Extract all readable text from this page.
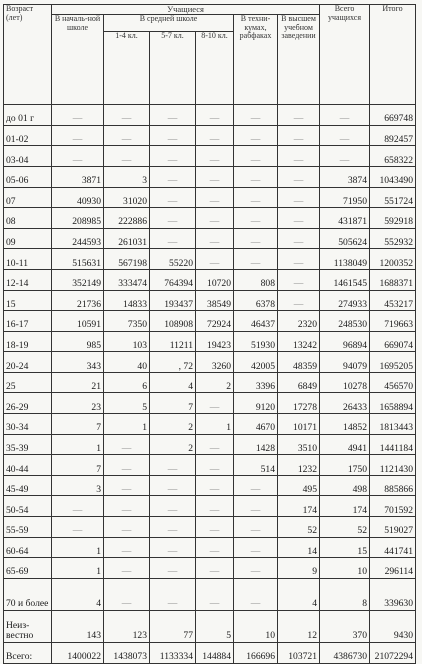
Возраст (лет)	Учащиеся						Всего учащихся	Итого
	В началь-ной школе	В средней школе			В техни-кумах, рабфаках	В высшем учебном заведении		
		1-4 кл.	5-7 кл.	8-10 кл.				
до 01 г	—	—	—	—	—	—	—	669748
01-02	—	—	—	—	—	—	—	892457
03-04	—	—	—	—	—	—	—	658322
05-06	3871	3	—	—	—	—	3874	1043490
07	40930	31020	—	—	—	—	71950	551724
08	208985	222886	—	—	—	—	431871	592918
09	244593	261031	—	—	—	—	505624	552932
10-11	515631	567198	55220	—	—	—	1138049	1200352
12-14	352149	333474	764394	10720	808	—	1461545	1688371
15	21736	14833	193437	38549	6378	—	274933	453217
16-17	10591	7350	108908	72924	46437	2320	248530	719663
18-19	985	103	11211	19423	51930	13242	96894	669074
20-24	343	40	, 72	3260	42005	48359	94079	1695205
25	21	6	4	2	3396	6849	10278	456570
26-29	23	5	7	—	9120	17278	26433	1658894
30-34	7	1	2	1	4670	10171	14852	1813443
35-39	1	—	2	—	1428	3510	4941	1441184
40-44	7	—	—	—	514	1232	1750	1121430
45-49	3	—	—	—	—	495	498	885866
50-54	—	—	—	—	—	174	174	701592
55-59	—	—	—	—	—	52	52	519027
60-64	1	—	—	—	—	14	15	441741
65-69	1	—	—	—	—	9	10	296114
70 и более	4	—	—	—	—	4	8	339630
Неиз-вестно	143	123	77	5	10	12	370	9430
Всего:	1400022	1438073	1133334	144884	166696	103721	4386730	21072294
